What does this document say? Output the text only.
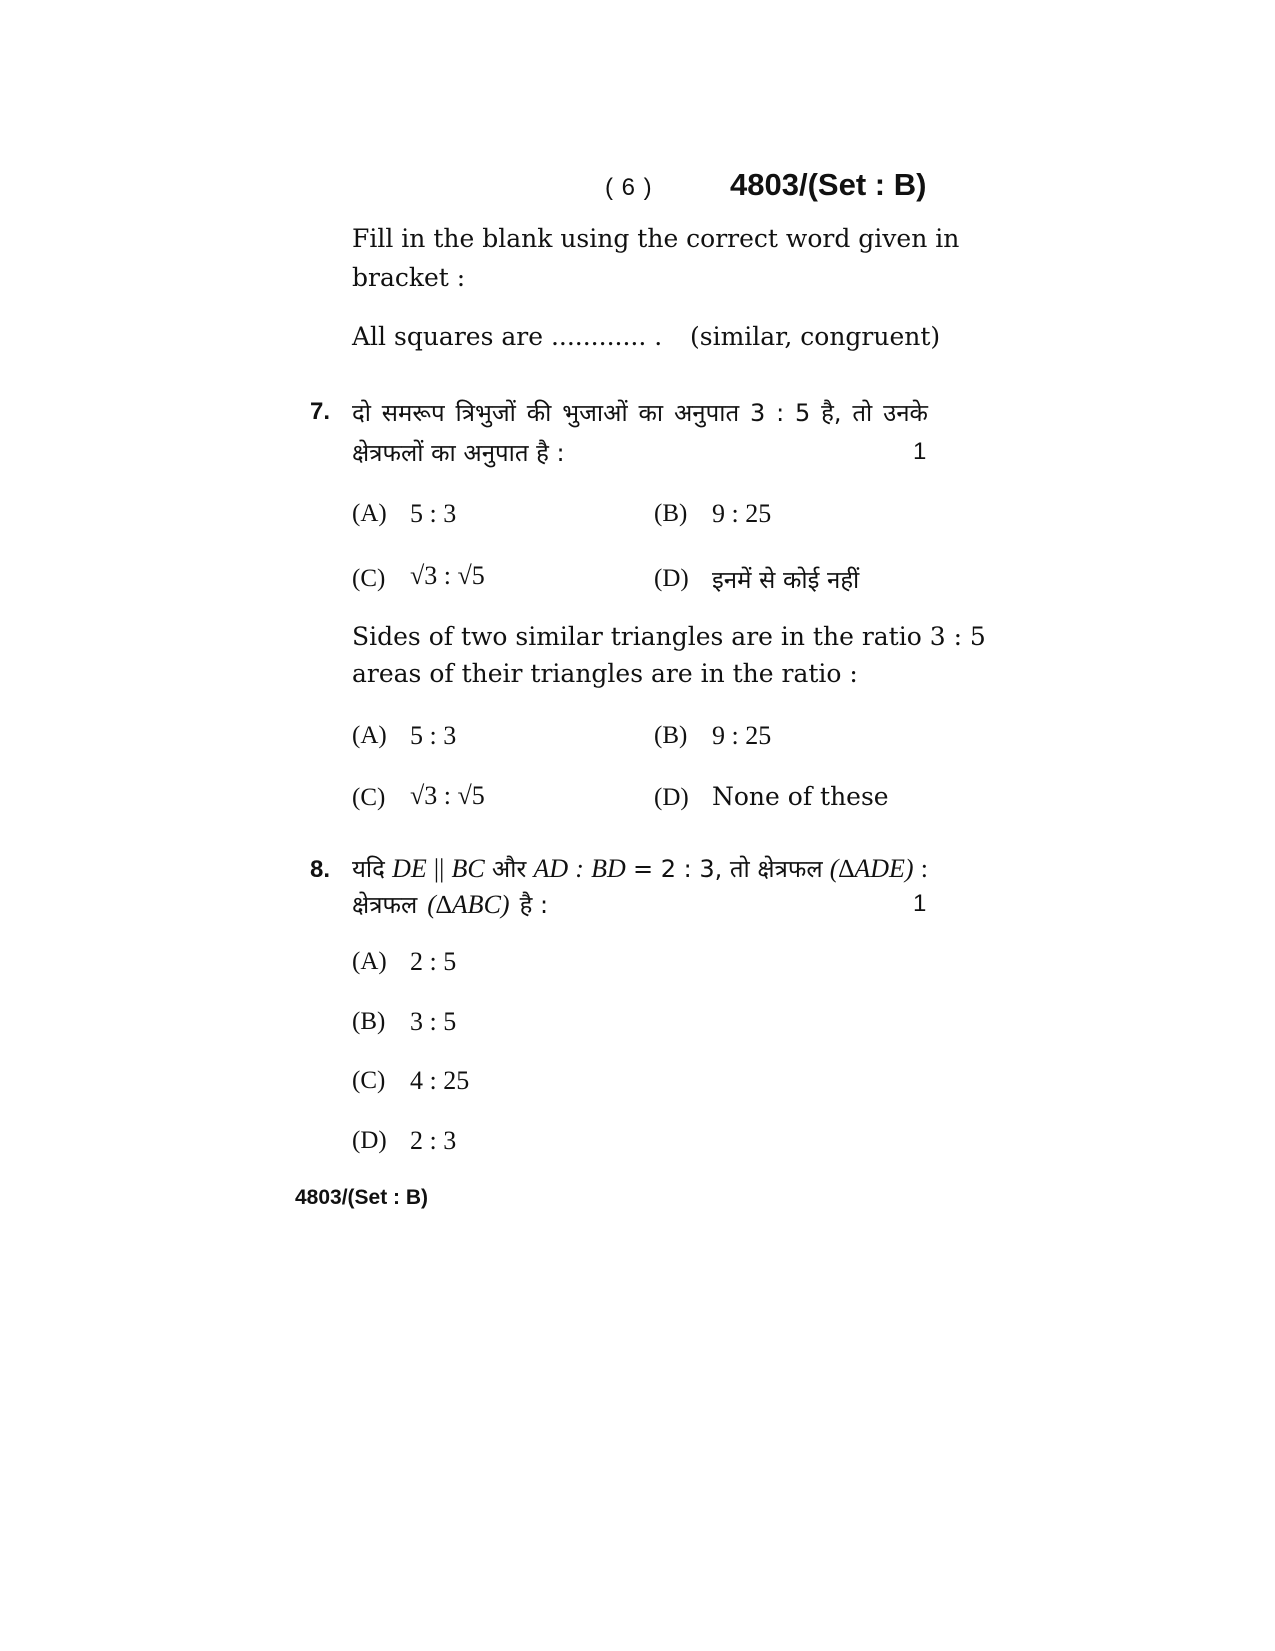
( 6 ) 4803/(Set : B)
Fill in the blank using the correct word given in
bracket :
All squares are ............ . (similar, congruent)
7. दो समरूप त्रिभुजों की भुजाओं का अनुपात 3 : 5 है, तो उनके
क्षेत्रफलों का अनुपात है :	1
(A) 5 : 3	(B) 9 : 25
(C) √3 : √5	(D) इनमें से कोई नहीं
Sides of two similar triangles are in the ratio 3 : 5
areas of their triangles are in the ratio :
(A) 5 : 3	(B) 9 : 25
(C) √3 : √5	(D) None of these
8. यदि DE || BC और AD : BD = 2 : 3, तो क्षेत्रफल (∆ADE) :
क्षेत्रफल (∆ABC) है :	1
(A) 2 : 5
(B) 3 : 5
(C) 4 : 25
(D) 2 : 3
4803/(Set : B)
